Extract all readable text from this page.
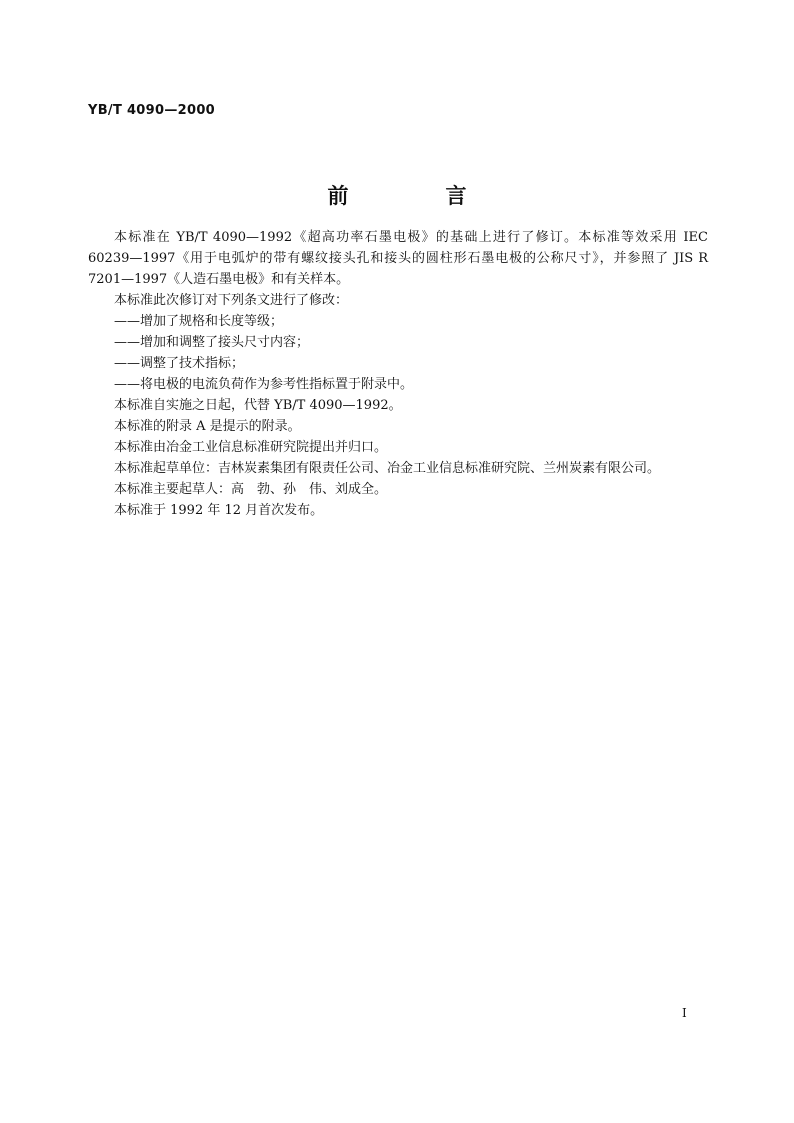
YB/T 4090—2000
前　言

本标准在 YB/T 4090—1992《超高功率石墨电极》的基础上进行了修订。本标准等效采用 IEC 60239—1997《用于电弧炉的带有螺纹接头孔和接头的圆柱形石墨电极的公称尺寸》，并参照了 JIS R 7201—1997《人造石墨电极》和有关样本。

本标准此次修订对下列条文进行了修改：

——增加了规格和长度等级；

——增加和调整了接头尺寸内容；

——调整了技术指标；

——将电极的电流负荷作为参考性指标置于附录中。

本标准自实施之日起，代替 YB/T 4090—1992。

本标准的附录 A 是提示的附录。

本标准由冶金工业信息标准研究院提出并归口。

本标准起草单位：吉林炭素集团有限责任公司、冶金工业信息标准研究院、兰州炭素有限公司。

本标准主要起草人：高　勃、孙　伟、刘成全。

本标准于 1992 年 12 月首次发布。

I
